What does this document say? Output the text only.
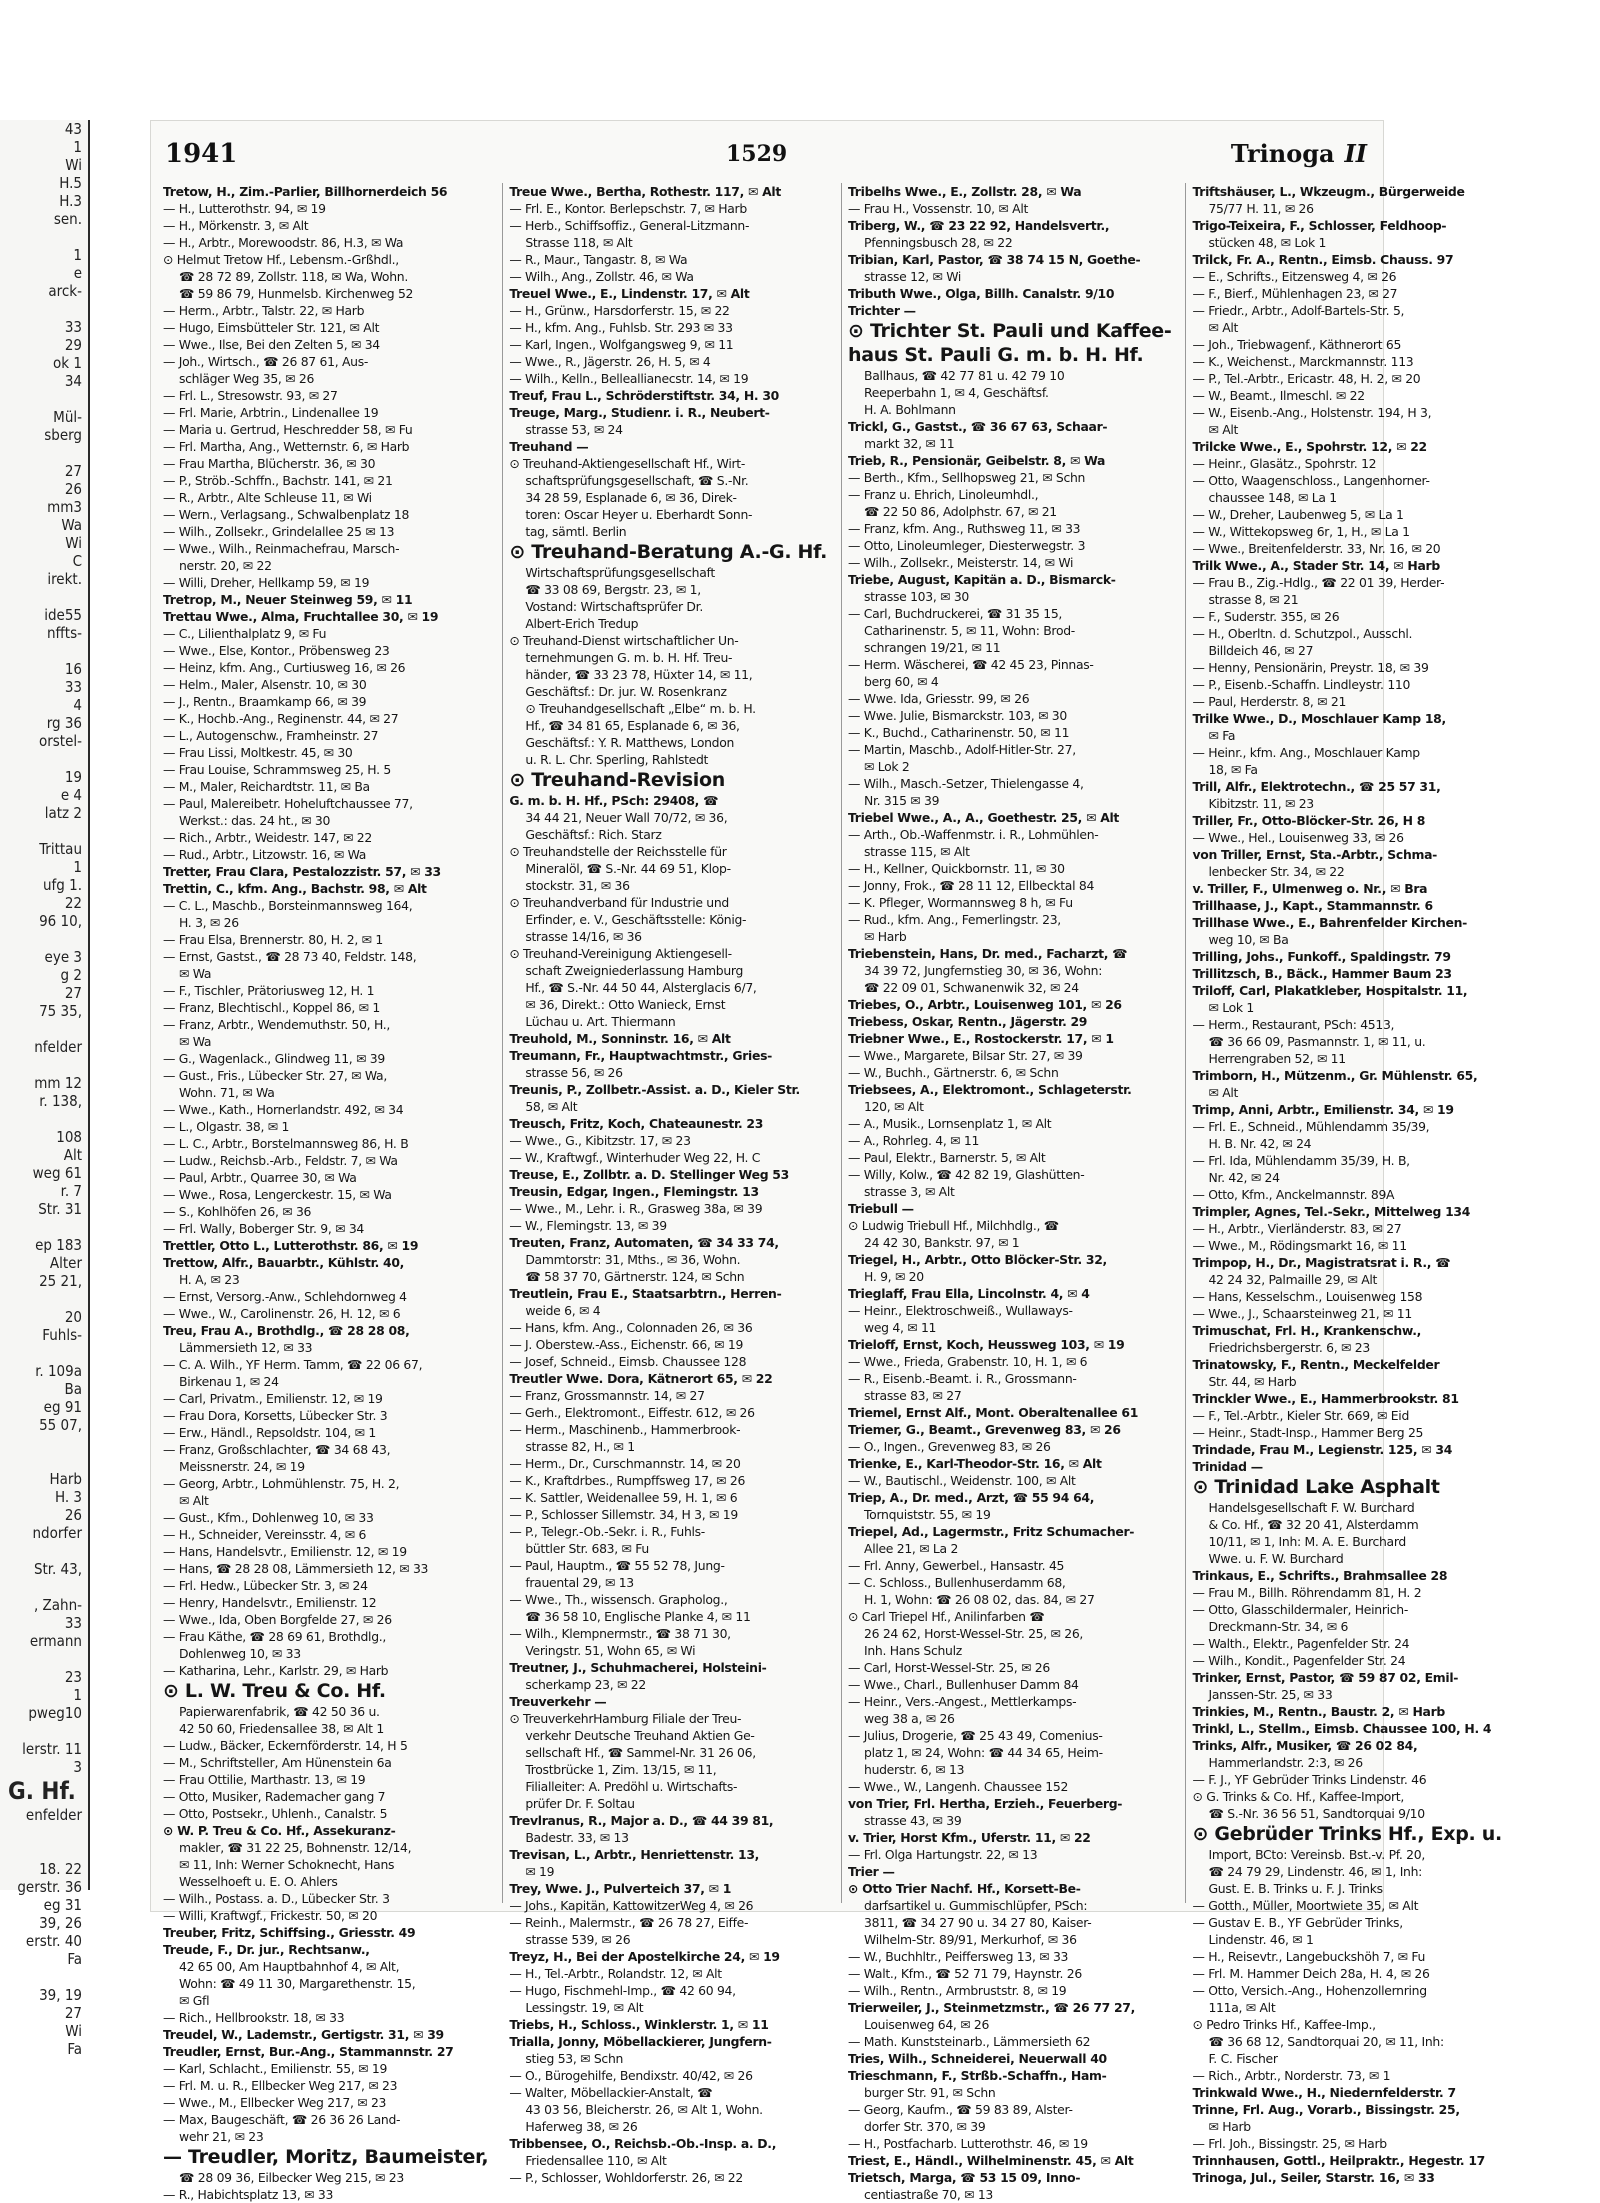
43
1
Wi
H.5
H.3
sen.

1
e
arck-

33
29
ok 1
34

Mül-
sberg

27
26
mm3
Wa
Wi
C
irekt.

ide55
nffts-

16
33
4
rg 36
orstel-

19
e 4
latz 2

Trittau
1
ufg 1.
22
96 10,

eye 3
g 2
27
75 35,

nfelder

mm 12
r. 138,

108
Alt
weg 61
r. 7
Str. 31

ep 183
Alter
25 21,

20
Fuhls-

r. 109a
Ba
eg 91
55 07,

Harb
H. 3
26
ndorfer

Str. 43,

, Zahn-
33
ermann

23
1
pweg10

lerstr. 11
3
G. Hf.
enfelder

18. 22
gerstr. 36
eg 31
39, 26
erstr. 40
Fa

39, 19
27
Wi
Fa
1941	1529	Trinoga II
Tretow, H., Zim.-Parlier, Billhornerdeich 56
— H., Lutterothstr. 94, ✉ 19
— H., Mörkenstr. 3, ✉ Alt
— H., Arbtr., Morewoodstr. 86, H.3, ✉ Wa
⊙ Helmut Tretow Hf., Lebensm.-Grßhdl.,
☎ 28 72 89, Zollstr. 118, ✉ Wa, Wohn.
☎ 59 86 79, Hunmelsb. Kirchenweg 52
— Herm., Arbtr., Talstr. 22, ✉ Harb
— Hugo, Eimsbütteler Str. 121, ✉ Alt
— Wwe., Ilse, Bei den Zelten 5, ✉ 34
— Joh., Wirtsch., ☎ 26 87 61, Aus-
schläger Weg 35, ✉ 26
— Frl. L., Stresowstr. 93, ✉ 27
— Frl. Marie, Arbtrin., Lindenallee 19
— Maria u. Gertrud, Heschredder 58, ✉ Fu
— Frl. Martha, Ang., Wetternstr. 6, ✉ Harb
— Frau Martha, Blücherstr. 36, ✉ 30
— P., Ströb.-Schffn., Bachstr. 141, ✉ 21
— R., Arbtr., Alte Schleuse 11, ✉ Wi
— Wern., Verlagsang., Schwalbenplatz 18
— Wilh., Zollsekr., Grindelallee 25 ✉ 13
— Wwe., Wilh., Reinmachefrau, Marsch-
nerstr. 20, ✉ 22
— Willi, Dreher, Hellkamp 59, ✉ 19
Tretrop, M., Neuer Steinweg 59, ✉ 11
Trettau Wwe., Alma, Fruchtallee 30, ✉ 19
— C., Lilienthalplatz 9, ✉ Fu
— Wwe., Else, Kontor., Pröbensweg 23
— Heinz, kfm. Ang., Curtiusweg 16, ✉ 26
— Helm., Maler, Alsenstr. 10, ✉ 30
— J., Rentn., Braamkamp 66, ✉ 39
— K., Hochb.-Ang., Reginenstr. 44, ✉ 27
— L., Autogenschw., Framheinstr. 27
— Frau Lissi, Moltkestr. 45, ✉ 30
— Frau Louise, Schrammsweg 25, H. 5
— M., Maler, Reichardtstr. 11, ✉ Ba
— Paul, Malereibetr. Hoheluftchaussee 77,
Werkst.: das. 24 ht., ✉ 30
— Rich., Arbtr., Weidestr. 147, ✉ 22
— Rud., Arbtr., Litzowstr. 16, ✉ Wa
Tretter, Frau Clara, Pestalozzistr. 57, ✉ 33
Trettin, C., kfm. Ang., Bachstr. 98, ✉ Alt
— C. L., Maschb., Borsteinmannsweg 164,
H. 3, ✉ 26
— Frau Elsa, Brennerstr. 80, H. 2, ✉ 1
— Ernst, Gastst., ☎ 28 73 40, Feldstr. 148,
✉ Wa
— F., Tischler, Prätoriusweg 12, H. 1
— Franz, Blechtischl., Koppel 86, ✉ 1
— Franz, Arbtr., Wendemuthstr. 50, H.,
✉ Wa
— G., Wagenlack., Glindweg 11, ✉ 39
— Gust., Fris., Lübecker Str. 27, ✉ Wa,
Wohn. 71, ✉ Wa
— Wwe., Kath., Hornerlandstr. 492, ✉ 34
— L., Olgastr. 38, ✉ 1
— L. C., Arbtr., Borstelmannsweg 86, H. B
— Ludw., Reichsb.-Arb., Feldstr. 7, ✉ Wa
— Paul, Arbtr., Quarree 30, ✉ Wa
— Wwe., Rosa, Lengerckestr. 15, ✉ Wa
— S., Kohlhöfen 26, ✉ 36
— Frl. Wally, Boberger Str. 9, ✉ 34
Trettler, Otto L., Lutterothstr. 86, ✉ 19
Trettow, Alfr., Bauarbtr., Kühlstr. 40,
H. A, ✉ 23
— Ernst, Versorg.-Anw., Schlehdornweg 4
— Wwe., W., Carolinenstr. 26, H. 12, ✉ 6
Treu, Frau A., Brothdlg., ☎ 28 28 08,
Lämmersieth 12, ✉ 33
— C. A. Wilh., YF Herm. Tamm, ☎ 22 06 67,
Birkenau 1, ✉ 24
— Carl, Privatm., Emilienstr. 12, ✉ 19
— Frau Dora, Korsetts, Lübecker Str. 3
— Erw., Händl., Repsoldstr. 104, ✉ 1
— Franz, Großschlachter, ☎ 34 68 43,
Meissnerstr. 24, ✉ 19
— Georg, Arbtr., Lohmühlenstr. 75, H. 2,
✉ Alt
— Gust., Kfm., Dohlenweg 10, ✉ 33
— H., Schneider, Vereinsstr. 4, ✉ 6
— Hans, Handelsvtr., Emilienstr. 12, ✉ 19
— Hans, ☎ 28 28 08, Lämmersieth 12, ✉ 33
— Frl. Hedw., Lübecker Str. 3, ✉ 24
— Henry, Handelsvtr., Emilienstr. 12
— Wwe., Ida, Oben Borgfelde 27, ✉ 26
— Frau Käthe, ☎ 28 69 61, Brothdlg.,
Dohlenweg 10, ✉ 33
— Katharina, Lehr., Karlstr. 29, ✉ Harb
⊙ L. W. Treu & Co. Hf.
Papierwarenfabrik, ☎ 42 50 36 u.
42 50 60, Friedensallee 38, ✉ Alt 1
— Ludw., Bäcker, Eckernförderstr. 14, H 5
— M., Schriftsteller, Am Hünenstein 6a
— Frau Ottilie, Marthastr. 13, ✉ 19
— Otto, Musiker, Rademacher gang 7
— Otto, Postsekr., Uhlenh., Canalstr. 5
⊙ W. P. Treu & Co. Hf., Assekuranz-
makler, ☎ 31 22 25, Bohnenstr. 12/14,
✉ 11, Inh: Werner Schoknecht, Hans
Wesselhoeft u. E. O. Ahlers
— Wilh., Postass. a. D., Lübecker Str. 3
— Willi, Kraftwgf., Frickestr. 50, ✉ 20
Treuber, Fritz, Schiffsing., Griesstr. 49
Treude, F., Dr. jur., Rechtsanw.,
42 65 00, Am Hauptbahnhof 4, ✉ Alt,
Wohn: ☎ 49 11 30, Margarethenstr. 15,
✉ Gfl
— Rich., Hellbrookstr. 18, ✉ 33
Treudel, W., Lademstr., Gertigstr. 31, ✉ 39
Treudler, Ernst, Bur.-Ang., Stammannstr. 27
— Karl, Schlacht., Emilienstr. 55, ✉ 19
— Frl. M. u. R., Ellbecker Weg 217, ✉ 23
— Wwe., M., Ellbecker Weg 217, ✉ 23
— Max, Baugeschäft, ☎ 26 36 26 Land-
wehr 21, ✉ 23
— Treudler, Moritz, Baumeister,
☎ 28 09 36, Eilbecker Weg 215, ✉ 23
— R., Habichtsplatz 13, ✉ 33
Treue Wwe., Bertha, Rothestr. 117, ✉ Alt
— Frl. E., Kontor. Berlepschstr. 7, ✉ Harb
— Herb., Schiffsoffiz., General-Litzmann-
Strasse 118, ✉ Alt
— R., Maur., Tangastr. 8, ✉ Wa
— Wilh., Ang., Zollstr. 46, ✉ Wa
Treuel Wwe., E., Lindenstr. 17, ✉ Alt
— H., Grünw., Harsdorferstr. 15, ✉ 22
— H., kfm. Ang., Fuhlsb. Str. 293 ✉ 33
— Karl, Ingen., Wolfgangsweg 9, ✉ 11
— Wwe., R., Jägerstr. 26, H. 5, ✉ 4
— Wilh., Kelln., Belleallianecstr. 14, ✉ 19
Treuf, Frau L., Schröderstiftstr. 34, H. 30
Treuge, Marg., Studienr. i. R., Neubert-
strasse 53, ✉ 24
Treuhand —
⊙ Treuhand-Aktiengesellschaft Hf., Wirt-
schaftsprüfungsgesellschaft, ☎ S.-Nr.
34 28 59, Esplanade 6, ✉ 36, Direk-
toren: Oscar Heyer u. Eberhardt Sonn-
tag, sämtl. Berlin
⊙ Treuhand-Beratung A.-G. Hf.
Wirtschaftsprüfungsgesellschaft
☎ 33 08 69, Bergstr. 23, ✉ 1,
Vostand: Wirtschaftsprüfer Dr.
Albert-Erich Tredup
⊙ Treuhand-Dienst wirtschaftlicher Un-
ternehmungen G. m. b. H. Hf. Treu-
händer, ☎ 33 23 78, Hüxter 14, ✉ 11,
Geschäftsf.: Dr. jur. W. Rosenkranz
⊙ Treuhandgesellschaft „Elbe“ m. b. H.
Hf., ☎ 34 81 65, Esplanade 6, ✉ 36,
Geschäftsf.: Y. R. Matthews, London
u. R. L. Chr. Sperling, Rahlstedt
⊙ Treuhand-Revision
G. m. b. H. Hf., PSch: 29408, ☎
34 44 21, Neuer Wall 70/72, ✉ 36,
Geschäftsf.: Rich. Starz
⊙ Treuhandstelle der Reichsstelle für
Mineralöl, ☎ S.-Nr. 44 69 51, Klop-
stockstr. 31, ✉ 36
⊙ Treuhandverband für Industrie und
Erfinder, e. V., Geschäftsstelle: König-
strasse 14/16, ✉ 36
⊙ Treuhand-Vereinigung Aktiengesell-
schaft Zweigniederlassung Hamburg
Hf., ☎ S.-Nr. 44 50 44, Alsterglacis 6/7,
✉ 36, Direkt.: Otto Wanieck, Ernst
Lüchau u. Art. Thiermann
Treuhold, M., Sonninstr. 16, ✉ Alt
Treumann, Fr., Hauptwachtmstr., Gries-
strasse 56, ✉ 26
Treunis, P., Zollbetr.-Assist. a. D., Kieler Str.
58, ✉ Alt
Treusch, Fritz, Koch, Chateaunestr. 23
— Wwe., G., Kibitzstr. 17, ✉ 23
— W., Kraftwgf., Winterhuder Weg 22, H. C
Treuse, E., Zollbtr. a. D. Stellinger Weg 53
Treusin, Edgar, Ingen., Flemingstr. 13
— Wwe., M., Lehr. i. R., Grasweg 38a, ✉ 39
— W., Flemingstr. 13, ✉ 39
Treuten, Franz, Automaten, ☎ 34 33 74,
Dammtorstr: 31, Mths., ✉ 36, Wohn.
☎ 58 37 70, Gärtnerstr. 124, ✉ Schn
Treutlein, Frau E., Staatsarbtrn., Herren-
weide 6, ✉ 4
— Hans, kfm. Ang., Colonnaden 26, ✉ 36
— J. Oberstew.-Ass., Eichenstr. 66, ✉ 19
— Josef, Schneid., Eimsb. Chaussee 128
Treutler Wwe. Dora, Kätnerort 65, ✉ 22
— Franz, Grossmannstr. 14, ✉ 27
— Gerh., Elektromont., Eiffestr. 612, ✉ 26
— Herm., Maschinenb., Hammerbrook-
strasse 82, H., ✉ 1
— Herm., Dr., Curschmannstr. 14, ✉ 20
— K., Kraftdrbes., Rumpffsweg 17, ✉ 26
— K. Sattler, Weidenallee 59, H. 1, ✉ 6
— P., Schlosser Sillemstr. 34, H 3, ✉ 19
— P., Telegr.-Ob.-Sekr. i. R., Fuhls-
büttler Str. 683, ✉ Fu
— Paul, Hauptm., ☎ 55 52 78, Jung-
frauental 29, ✉ 13
— Wwe., Th., wissensch. Grapholog.,
☎ 36 58 10, Englische Planke 4, ✉ 11
— Wilh., Klempnermstr., ☎ 38 71 30,
Veringstr. 51, Wohn 65, ✉ Wi
Treutner, J., Schuhmacherei, Holsteini-
scherkamp 23, ✉ 22
Treuverkehr —
⊙ TreuverkehrHamburg Filiale der Treu-
verkehr Deutsche Treuhand Aktien Ge-
sellschaft Hf., ☎ Sammel-Nr. 31 26 06,
Trostbrücke 1, Zim. 13/15, ✉ 11,
Filialleiter: A. Predöhl u. Wirtschafts-
prüfer Dr. F. Soltau
Trevlranus, R., Major a. D., ☎ 44 39 81,
Badestr. 33, ✉ 13
Trevisan, L., Arbtr., Henriettenstr. 13,
✉ 19
Trey, Wwe. J., Pulverteich 37, ✉ 1
— Johs., Kapitän, KattowitzerWeg 4, ✉ 26
— Reinh., Malermstr., ☎ 26 78 27, Eiffe-
strasse 539, ✉ 26
Treyz, H., Bei der Apostelkirche 24, ✉ 19
— H., Tel.-Arbtr., Rolandstr. 12, ✉ Alt
— Hugo, Fischmehl-Imp., ☎ 42 60 94,
Lessingstr. 19, ✉ Alt
Triebs, H., Schloss., Winklerstr. 1, ✉ 11
Trialla, Jonny, Möbellackierer, Jungfern-
stieg 53, ✉ Schn
— O., Bürogehilfe, Bendixstr. 40/42, ✉ 26
— Walter, Möbellackier-Anstalt, ☎
43 03 56, Bleicherstr. 26, ✉ Alt 1, Wohn.
Haferweg 38, ✉ 26
Tribbensee, O., Reichsb.-Ob.-Insp. a. D.,
Friedensallee 110, ✉ Alt
— P., Schlosser, Wohldorferstr. 26, ✉ 22
Tribelhs Wwe., E., Zollstr. 28, ✉ Wa
— Frau H., Vossenstr. 10, ✉ Alt
Triberg, W., ☎ 23 22 92, Handelsvertr.,
Pfenningsbusch 28, ✉ 22
Tribian, Karl, Pastor, ☎ 38 74 15 N, Goethe-
strasse 12, ✉ Wi
Tributh Wwe., Olga, Billh. Canalstr. 9/10
Trichter —
⊙ Trichter St. Pauli und Kaffee-
haus St. Pauli G. m. b. H. Hf.
Ballhaus, ☎ 42 77 81 u. 42 79 10
Reeperbahn 1, ✉ 4, Geschäftsf.
H. A. Bohlmann
Trickl, G., Gastst., ☎ 36 67 63, Schaar-
markt 32, ✉ 11
Trieb, R., Pensionär, Geibelstr. 8, ✉ Wa
— Berth., Kfm., Sellhopsweg 21, ✉ Schn
— Franz u. Ehrich, Linoleumhdl.,
☎ 22 50 86, Adolphstr. 67, ✉ 21
— Franz, kfm. Ang., Ruthsweg 11, ✉ 33
— Otto, Linoleumleger, Diesterwegstr. 3
— Wilh., Zollsekr., Meisterstr. 14, ✉ Wi
Triebe, August, Kapitän a. D., Bismarck-
strasse 103, ✉ 30
— Carl, Buchdruckerei, ☎ 31 35 15,
Catharinenstr. 5, ✉ 11, Wohn: Brod-
schrangen 19/21, ✉ 11
— Herm. Wäscherei, ☎ 42 45 23, Pinnas-
berg 60, ✉ 4
— Wwe. Ida, Griesstr. 99, ✉ 26
— Wwe. Julie, Bismarckstr. 103, ✉ 30
— K., Buchd., Catharinenstr. 50, ✉ 11
— Martin, Maschb., Adolf-Hitler-Str. 27,
✉ Lok 2
— Wilh., Masch.-Setzer, Thielengasse 4,
Nr. 315 ✉ 39
Triebel Wwe., A., A., Goethestr. 25, ✉ Alt
— Arth., Ob.-Waffenmstr. i. R., Lohmühlen-
strasse 115, ✉ Alt
— H., Kellner, Quickbornstr. 11, ✉ 30
— Jonny, Frok., ☎ 28 11 12, Ellbecktal 84
— K. Pfleger, Wormannsweg 8 h, ✉ Fu
— Rud., kfm. Ang., Femerlingstr. 23,
✉ Harb
Triebenstein, Hans, Dr. med., Facharzt, ☎
34 39 72, Jungfernstieg 30, ✉ 36, Wohn:
☎ 22 09 01, Schwanenwik 32, ✉ 24
Triebes, O., Arbtr., Louisenweg 101, ✉ 26
Triebess, Oskar, Rentn., Jägerstr. 29
Triebner Wwe., E., Rostockerstr. 17, ✉ 1
— Wwe., Margarete, Bilsar Str. 27, ✉ 39
— W., Buchh., Gärtnerstr. 6, ✉ Schn
Triebsees, A., Elektromont., Schlageterstr.
120, ✉ Alt
— A., Musik., Lornsenplatz 1, ✉ Alt
— A., Rohrleg. 4, ✉ 11
— Paul, Elektr., Barnerstr. 5, ✉ Alt
— Willy, Kolw., ☎ 42 82 19, Glashütten-
strasse 3, ✉ Alt
Triebull —
⊙ Ludwig Triebull Hf., Milchhdlg., ☎
24 42 30, Bankstr. 97, ✉ 1
Triegel, H., Arbtr., Otto Blöcker-Str. 32,
H. 9, ✉ 20
Trieglaff, Frau Ella, Lincolnstr. 4, ✉ 4
— Heinr., Elektroschweiß., Wullaways-
weg 4, ✉ 11
Trieloff, Ernst, Koch, Heussweg 103, ✉ 19
— Wwe., Frieda, Grabenstr. 10, H. 1, ✉ 6
— R., Eisenb.-Beamt. i. R., Grossmann-
strasse 83, ✉ 27
Triemel, Ernst Alf., Mont. Oberaltenallee 61
Triemer, G., Beamt., Grevenweg 83, ✉ 26
— O., Ingen., Grevenweg 83, ✉ 26
Trienke, E., Karl-Theodor-Str. 16, ✉ Alt
— W., Bautischl., Weidenstr. 100, ✉ Alt
Triep, A., Dr. med., Arzt, ☎ 55 94 64,
Tornquiststr. 55, ✉ 19
Triepel, Ad., Lagermstr., Fritz Schumacher-
Allee 21, ✉ La 2
— Frl. Anny, Gewerbel., Hansastr. 45
— C. Schloss., Bullenhuserdamm 68,
H. 1, Wohn: ☎ 26 08 02, das. 84, ✉ 27
⊙ Carl Triepel Hf., Anilinfarben ☎
26 24 62, Horst-Wessel-Str. 25, ✉ 26,
Inh. Hans Schulz
— Carl, Horst-Wessel-Str. 25, ✉ 26
— Wwe., Charl., Bullenhuser Damm 84
— Heinr., Vers.-Angest., Mettlerkamps-
weg 38 a, ✉ 26
— Julius, Drogerie, ☎ 25 43 49, Comenius-
platz 1, ✉ 24, Wohn: ☎ 44 34 65, Heim-
huderstr. 6, ✉ 13
— Wwe., W., Langenh. Chaussee 152
von Trier, Frl. Hertha, Erzieh., Feuerberg-
strasse 43, ✉ 39
v. Trier, Horst Kfm., Uferstr. 11, ✉ 22
— Frl. Olga Hartungstr. 22, ✉ 13
Trier —
⊙ Otto Trier Nachf. Hf., Korsett-Be-
darfsartikel u. Gummischlüpfer, PSch:
3811, ☎ 34 27 90 u. 34 27 80, Kaiser-
Wilhelm-Str. 89/91, Merkurhof, ✉ 36
— W., Buchhltr., Peiffersweg 13, ✉ 33
— Walt., Kfm., ☎ 52 71 79, Haynstr. 26
— Wilh., Rentn., Armbruststr. 8, ✉ 19
Trierweiler, J., Steinmetzmstr., ☎ 26 77 27,
Louisenweg 64, ✉ 26
— Math. Kunststeinarb., Lämmersieth 62
Tries, Wilh., Schneiderei, Neuerwall 40
Trieschmann, F., Strßb.-Schaffn., Ham-
burger Str. 91, ✉ Schn
— Georg, Kaufm., ☎ 59 83 89, Alster-
dorfer Str. 370, ✉ 39
— H., Postfacharb. Lutterothstr. 46, ✉ 19
Triest, E., Händl., Wilhelminenstr. 45, ✉ Alt
Trietsch, Marga, ☎ 53 15 09, Inno-
centiastraße 70, ✉ 13
Triftshäuser, L., Wkzeugm., Bürgerweide
75/77 H. 11, ✉ 26
Trigo-Teixeira, F., Schlosser, Feldhoop-
stücken 48, ✉ Lok 1
Trilck, Fr. A., Rentn., Eimsb. Chauss. 97
— E., Schrifts., Eitzensweg 4, ✉ 26
— F., Bierf., Mühlenhagen 23, ✉ 27
— Friedr., Arbtr., Adolf-Bartels-Str. 5,
✉ Alt
— Joh., Triebwagenf., Käthnerort 65
— K., Weichenst., Marckmannstr. 113
— P., Tel.-Arbtr., Ericastr. 48, H. 2, ✉ 20
— W., Beamt., Ilmeschl. ✉ 22
— W., Eisenb.-Ang., Holstenstr. 194, H 3,
✉ Alt
Trilcke Wwe., E., Spohrstr. 12, ✉ 22
— Heinr., Glasätz., Spohrstr. 12
— Otto, Waagenschloss., Langenhorner-
chaussee 148, ✉ La 1
— W., Dreher, Laubenweg 5, ✉ La 1
— W., Wittekopsweg 6r, 1, H., ✉ La 1
— Wwe., Breitenfelderstr. 33, Nr. 16, ✉ 20
Trilk Wwe., A., Stader Str. 14, ✉ Harb
— Frau B., Zig.-Hdlg., ☎ 22 01 39, Herder-
strasse 8, ✉ 21
— F., Suderstr. 355, ✉ 26
— H., Oberltn. d. Schutzpol., Ausschl.
Billdeich 46, ✉ 27
— Henny, Pensionärin, Preystr. 18, ✉ 39
— P., Eisenb.-Schaffn. Lindleystr. 110
— Paul, Herderstr. 8, ✉ 21
Trilke Wwe., D., Moschlauer Kamp 18,
✉ Fa
— Heinr., kfm. Ang., Moschlauer Kamp
18, ✉ Fa
Trill, Alfr., Elektrotechn., ☎ 25 57 31,
Kibitzstr. 11, ✉ 23
Triller, Fr., Otto-Blöcker-Str. 26, H 8
— Wwe., Hel., Louisenweg 33, ✉ 26
von Triller, Ernst, Sta.-Arbtr., Schma-
lenbecker Str. 34, ✉ 22
v. Triller, F., Ulmenweg o. Nr., ✉ Bra
Trillhaase, J., Kapt., Stammannstr. 6
Trillhase Wwe., E., Bahrenfelder Kirchen-
weg 10, ✉ Ba
Trilling, Johs., Funkoff., Spaldingstr. 79
Trillitzsch, B., Bäck., Hammer Baum 23
Triloff, Carl, Plakatkleber, Hospitalstr. 11,
✉ Lok 1
— Herm., Restaurant, PSch: 4513,
☎ 36 66 09, Pasmannstr. 1, ✉ 11, u.
Herrengraben 52, ✉ 11
Trimborn, H., Mützenm., Gr. Mühlenstr. 65,
✉ Alt
Trimp, Anni, Arbtr., Emilienstr. 34, ✉ 19
— Frl. E., Schneid., Mühlendamm 35/39,
H. B. Nr. 42, ✉ 24
— Frl. Ida, Mühlendamm 35/39, H. B,
Nr. 42, ✉ 24
— Otto, Kfm., Anckelmannstr. 89A
Trimpler, Agnes, Tel.-Sekr., Mittelweg 134
— H., Arbtr., Vierländerstr. 83, ✉ 27
— Wwe., M., Rödingsmarkt 16, ✉ 11
Trimpop, H., Dr., Magistratsrat i. R., ☎
42 24 32, Palmaille 29, ✉ Alt
— Hans, Kesselschm., Louisenweg 158
— Wwe., J., Schaarsteinweg 21, ✉ 11
Trimuschat, Frl. H., Krankenschw.,
Friedrichsbergerstr. 6, ✉ 23
Trinatowsky, F., Rentn., Meckelfelder
Str. 44, ✉ Harb
Trinckler Wwe., E., Hammerbrookstr. 81
— F., Tel.-Arbtr., Kieler Str. 669, ✉ Eid
— Heinr., Stadt-Insp., Hammer Berg 25
Trindade, Frau M., Legienstr. 125, ✉ 34
Trinidad —
⊙ Trinidad Lake Asphalt
Handelsgesellschaft F. W. Burchard
& Co. Hf., ☎ 32 20 41, Alsterdamm
10/11, ✉ 1, Inh: M. A. E. Burchard
Wwe. u. F. W. Burchard
Trinkaus, E., Schrifts., Brahmsallee 28
— Frau M., Billh. Röhrendamm 81, H. 2
— Otto, Glasschildermaler, Heinrich-
Dreckmann-Str. 34, ✉ 6
— Walth., Elektr., Pagenfelder Str. 24
— Wilh., Kondit., Pagenfelder Str. 24
Trinker, Ernst, Pastor, ☎ 59 87 02, Emil-
Janssen-Str. 25, ✉ 33
Trinkies, M., Rentn., Baustr. 2, ✉ Harb
Trinkl, L., Stellm., Eimsb. Chaussee 100, H. 4
Trinks, Alfr., Musiker, ☎ 26 02 84,
Hammerlandstr. 2:3, ✉ 26
— F. J., YF Gebrüder Trinks Lindenstr. 46
⊙ G. Trinks & Co. Hf., Kaffee-Import,
☎ S.-Nr. 36 56 51, Sandtorquai 9/10
⊙ Gebrüder Trinks Hf., Exp. u.
Import, BCto: Vereinsb. Bst.-v. Pf. 20,
☎ 24 79 29, Lindenstr. 46, ✉ 1, Inh:
Gust. E. B. Trinks u. F. J. Trinks
— Gotth., Müller, Moortwiete 35, ✉ Alt
— Gustav E. B., YF Gebrüder Trinks,
Lindenstr. 46, ✉ 1
— H., Reisevtr., Langebuckshöh 7, ✉ Fu
— Frl. M. Hammer Deich 28a, H. 4, ✉ 26
— Otto, Versich.-Ang., Hohenzollernring
111a, ✉ Alt
⊙ Pedro Trinks Hf., Kaffee-Imp.,
☎ 36 68 12, Sandtorquai 20, ✉ 11, Inh:
F. C. Fischer
— Rich., Arbtr., Norderstr. 73, ✉ 1
Trinkwald Wwe., H., Niedernfelderstr. 7
Trinne, Frl. Aug., Vorarb., Bissingstr. 25,
✉ Harb
— Frl. Joh., Bissingstr. 25, ✉ Harb
Trinnhausen, Gottl., Heilpraktr., Hegestr. 17
Trinoga, Jul., Seiler, Starstr. 16, ✉ 33
